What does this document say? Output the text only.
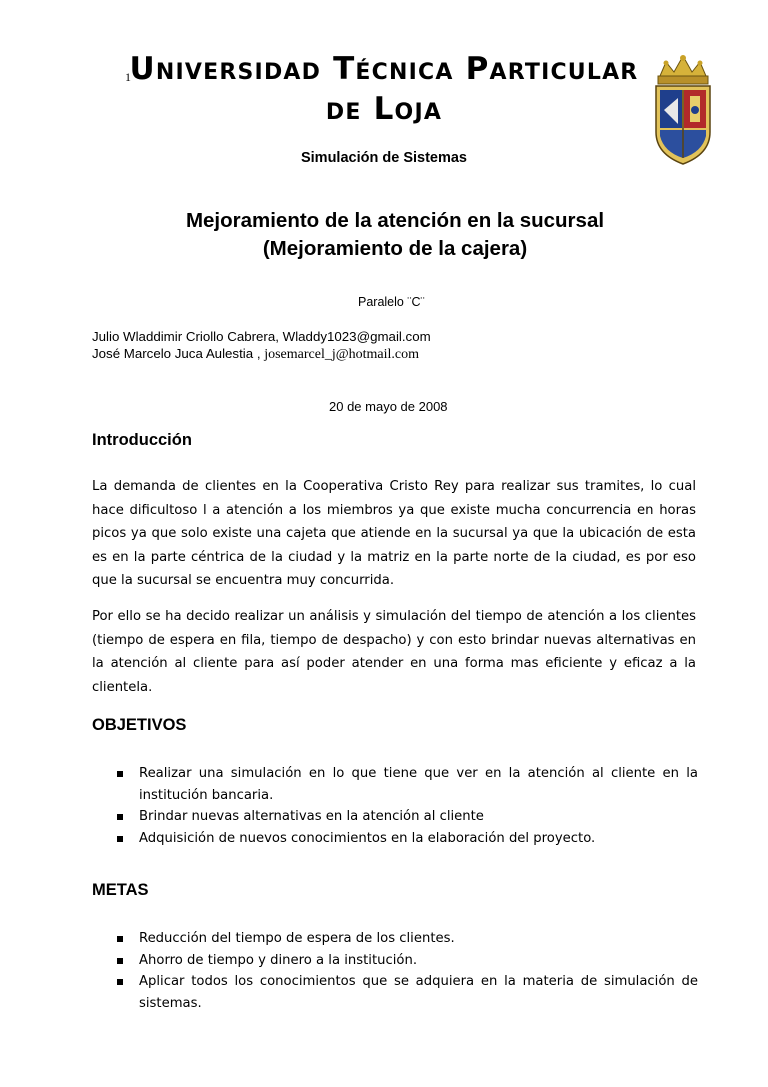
1
Universidad Técnica Particular
de Loja
Simulación de Sistemas
Mejoramiento de la atención en la sucursal
(Mejoramiento de la cajera)
Paralelo ¨C¨
Julio Wladdimir Criollo Cabrera, Wladdy1023@gmail.com
José Marcelo Juca Aulestia , josemarcel_j@hotmail.com
20 de mayo de 2008
Introducción
La demanda de clientes en la Cooperativa Cristo Rey para realizar sus tramites, lo cual hace dificultoso l a atención a los miembros ya que existe mucha concurrencia en horas picos ya que solo existe una cajeta que atiende en la sucursal ya que la ubicación de esta es en la parte céntrica de la ciudad y la matriz en la parte norte de la ciudad, es por eso que la sucursal se encuentra muy concurrida.
Por ello se ha decido realizar un análisis y simulación del tiempo de atención a los clientes (tiempo de espera en fila, tiempo de despacho) y con esto brindar nuevas alternativas en la atención al cliente para así poder atender en una forma mas eficiente y eficaz a la clientela.
OBJETIVOS
Realizar una simulación en lo que tiene que ver en la atención al cliente en la institución bancaria.
Brindar nuevas alternativas en la atención al cliente
Adquisición de nuevos conocimientos en la elaboración del proyecto.
METAS
Reducción del tiempo de espera de los clientes.
Ahorro de tiempo y dinero a la institución.
Aplicar todos los conocimientos que se adquiera en la materia de simulación de sistemas.
